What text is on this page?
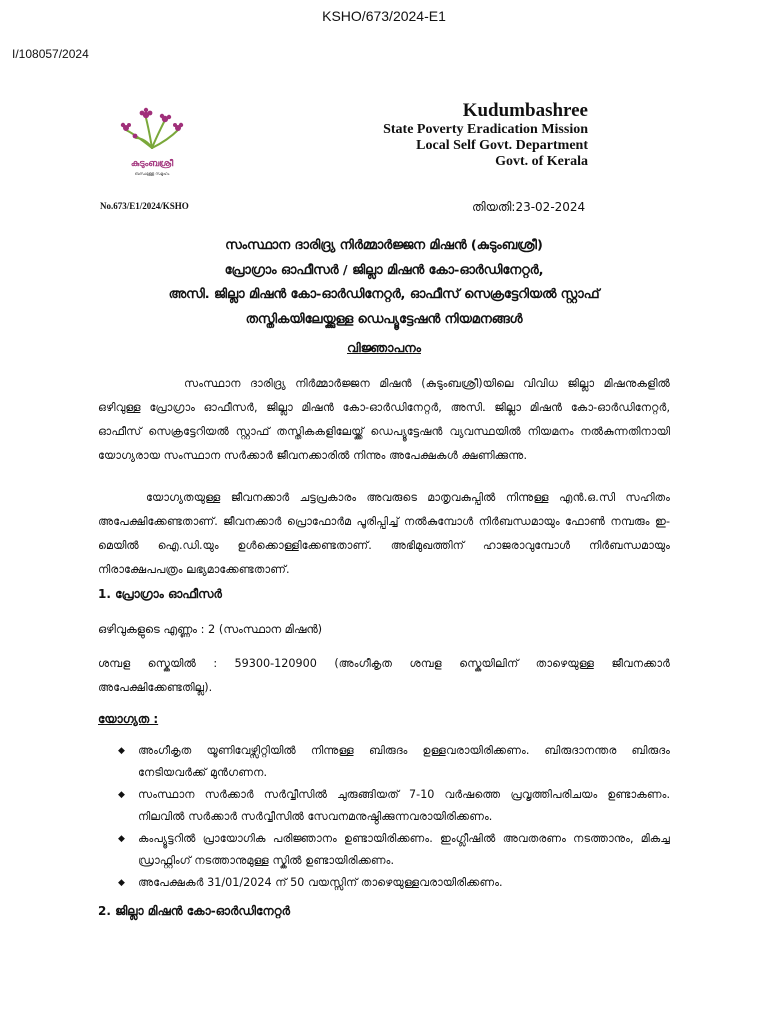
KSHO/673/2024-E1
I/108057/2024
കുടുംബശ്രീ
ബന്ധമുള്ള സമൂഹം
Kudumbashree
State Poverty Eradication Mission
Local Self Govt. Department
Govt. of Kerala
No.673/E1/2024/KSHO	തിയതി:23-02-2024
സംസ്ഥാന ദാരിദ്ര്യ നിർമ്മാർജ്ജന മിഷൻ (കുടുംബശ്രീ)
പ്രോഗ്രാം ഓഫീസർ / ജില്ലാ മിഷൻ കോ-ഓർഡിനേറ്റർ,
അസി. ജില്ലാ മിഷൻ കോ-ഓർഡിനേറ്റർ, ഓഫീസ് സെക്രട്ടേറിയൽ സ്റ്റാഫ്
തസ്തികയിലേയ്ക്കുള്ള ഡെപ്യൂട്ടേഷൻ നിയമനങ്ങൾ
വിജ്ഞാപനം
സംസ്ഥാന ദാരിദ്ര്യ നിർമ്മാർജ്ജന മിഷൻ (കുടുംബശ്രീ)യിലെ വിവിധ ജില്ലാ മിഷനുകളിൽ ഒഴിവുള്ള പ്രോഗ്രാം ഓഫീസർ, ജില്ലാ മിഷൻ കോ-ഓർഡിനേറ്റർ, അസി. ജില്ലാ മിഷൻ കോ-ഓർഡിനേറ്റർ, ഓഫീസ് സെക്രട്ടേറിയൽ സ്റ്റാഫ് തസ്തികകളിലേയ്ക്ക് ഡെപ്യൂട്ടേഷൻ വ്യവസ്ഥയിൽ നിയമനം നൽകുന്നതിനായി യോഗ്യരായ സംസ്ഥാന സർക്കാർ ജീവനക്കാരിൽ നിന്നും അപേക്ഷകൾ ക്ഷണിക്കുന്നു.
യോഗ്യതയുള്ള ജീവനക്കാർ ചട്ടപ്രകാരം അവരുടെ മാതൃവകുപ്പിൽ നിന്നുള്ള എൻ.ഒ.സി സഹിതം അപേക്ഷിക്കേണ്ടതാണ്. ജീവനക്കാർ പ്രൊഫോർമ പൂരിപ്പിച്ച് നൽകുമ്പോൾ നിർബന്ധമായും ഫോൺ നമ്പരും ഇ-മെയിൽ ഐ.ഡി.യും ഉൾക്കൊള്ളിക്കേണ്ടതാണ്. അഭിമുഖത്തിന് ഹാജരാവുമ്പോൾ നിർബന്ധമായും നിരാക്ഷേപപത്രം ലഭ്യമാക്കേണ്ടതാണ്.
1. പ്രോഗ്രാം ഓഫീസർ
ഒഴിവുകളുടെ എണ്ണം : 2 (സംസ്ഥാന മിഷൻ)
ശമ്പള സ്കെയിൽ : 59300-120900 (അംഗീകൃത ശമ്പള സ്കെയിലിന് താഴെയുള്ള ജീവനക്കാർ അപേക്ഷിക്കേണ്ടതില്ല).
യോഗ്യത :
◆ അംഗീകൃത യൂണിവേഴ്സിറ്റിയിൽ നിന്നുള്ള ബിരുദം ഉള്ളവരായിരിക്കണം. ബിരുദാനന്തര ബിരുദം നേടിയവർക്ക് മുൻഗണന.
◆ സംസ്ഥാന സർക്കാർ സർവ്വീസിൽ ചുരുങ്ങിയത് 7-10 വർഷത്തെ പ്രവൃത്തിപരിചയം ഉണ്ടാകണം. നിലവിൽ സർക്കാർ സർവ്വീസിൽ സേവനമനുഷ്ഠിക്കുന്നവരായിരിക്കണം.
◆ കംപ്യൂട്ടറിൽ പ്രായോഗിക പരിജ്ഞാനം ഉണ്ടായിരിക്കണം. ഇംഗ്ലീഷിൽ അവതരണം നടത്താനും, മികച്ച ഡ്രാഫ്റ്റിംഗ് നടത്താനുമുള്ള സ്കിൽ ഉണ്ടായിരിക്കണം.
◆ അപേക്ഷകർ 31/01/2024 ന് 50 വയസ്സിന് താഴെയുള്ളവരായിരിക്കണം.
2. ജില്ലാ മിഷൻ കോ-ഓർഡിനേറ്റർ
